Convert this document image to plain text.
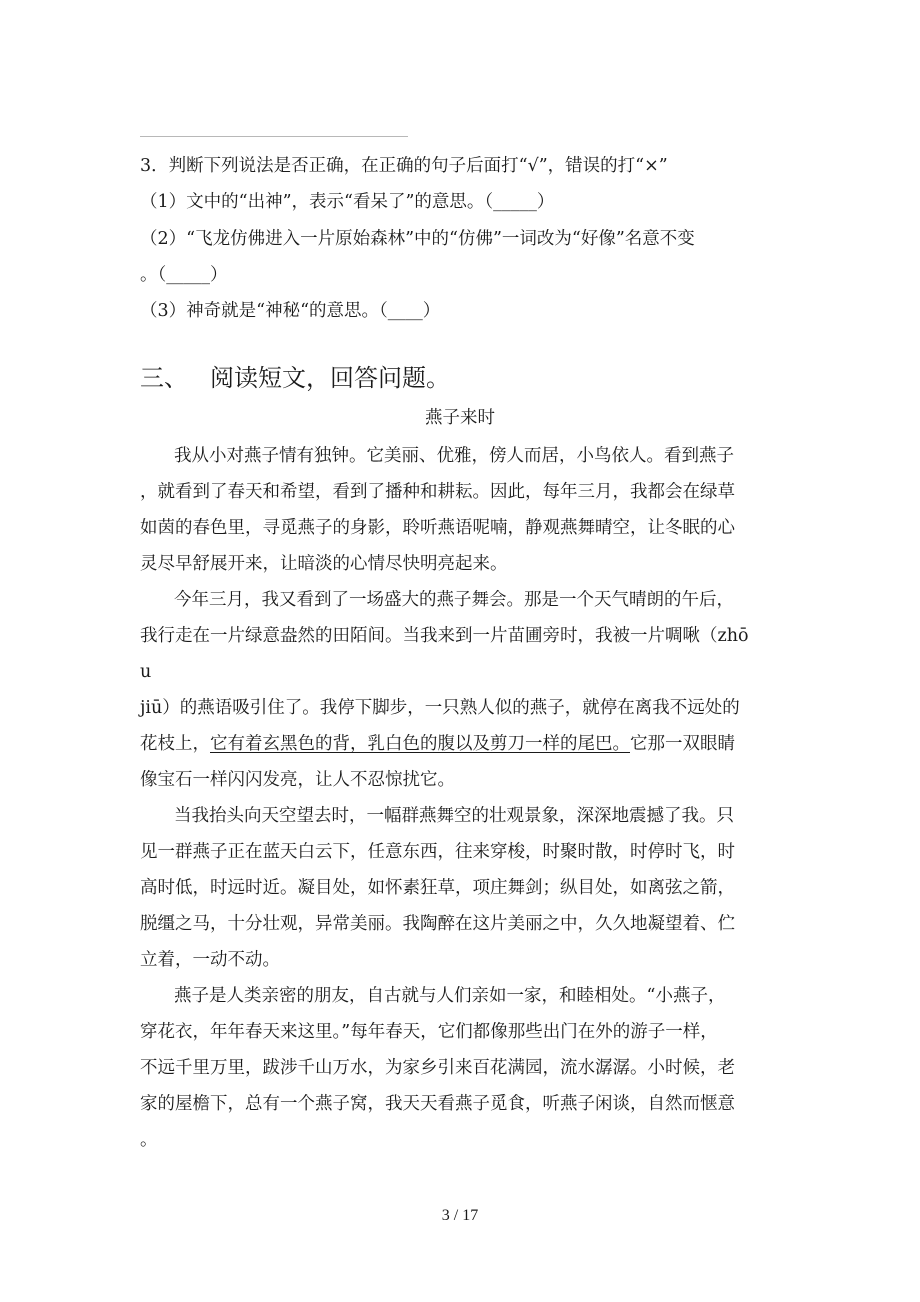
3．判断下列说法是否正确，在正确的句子后面打“√”，错误的打“×”
（1）文中的“出神”，表示“看呆了”的意思。（_____）
（2）“飞龙仿佛进入一片原始森林”中的“仿佛”一词改为“好像”名意不变
。（_____）
（3）神奇就是“神秘“的意思。（____）
三、 阅读短文，回答问题。
燕子来时
我从小对燕子情有独钟。它美丽、优雅，傍人而居，小鸟依人。看到燕子
，就看到了春天和希望，看到了播种和耕耘。因此，每年三月，我都会在绿草
如茵的春色里，寻觅燕子的身影，聆听燕语呢喃，静观燕舞晴空，让冬眠的心
灵尽早舒展开来，让暗淡的心情尽快明亮起来。
今年三月，我又看到了一场盛大的燕子舞会。那是一个天气晴朗的午后，
我行走在一片绿意盎然的田陌间。当我来到一片苗圃旁时，我被一片啁啾（zhō
u
jiū）的燕语吸引住了。我停下脚步，一只熟人似的燕子，就停在离我不远处的
花枝上，它有着玄黑色的背，乳白色的腹以及剪刀一样的尾巴。它那一双眼睛
像宝石一样闪闪发亮，让人不忍惊扰它。
当我抬头向天空望去时，一幅群燕舞空的壮观景象，深深地震撼了我。只
见一群燕子正在蓝天白云下，任意东西，往来穿梭，时聚时散，时停时飞，时
高时低，时远时近。凝目处，如怀素狂草，项庄舞剑；纵目处，如离弦之箭，
脱缰之马，十分壮观，异常美丽。我陶醉在这片美丽之中，久久地凝望着、伫
立着，一动不动。
燕子是人类亲密的朋友，自古就与人们亲如一家，和睦相处。“小燕子，
穿花衣，年年春天来这里。”每年春天，它们都像那些出门在外的游子一样，
不远千里万里，跋涉千山万水，为家乡引来百花满园，流水潺潺。小时候，老
家的屋檐下，总有一个燕子窝，我天天看燕子觅食，听燕子闲谈，自然而惬意
。
3 / 17
